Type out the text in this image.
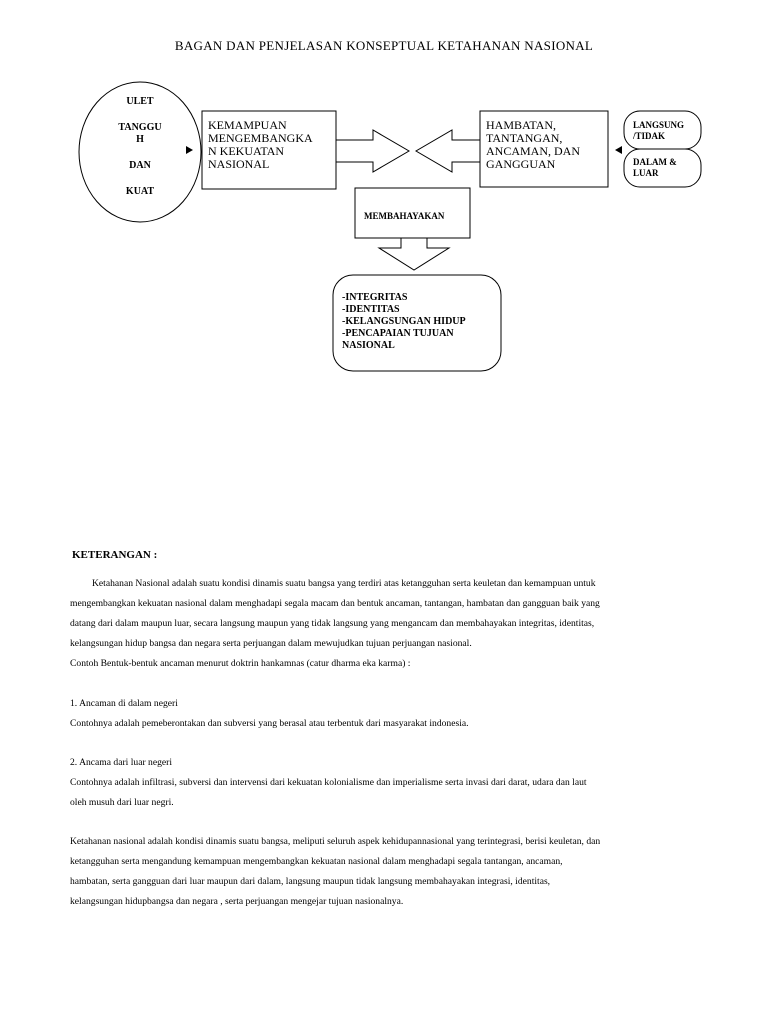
BAGAN DAN PENJELASAN KONSEPTUAL KETAHANAN NASIONAL
ULET
TANGGU
H
DAN
KUAT
KEMAMPUAN
MENGEMBANGKA
N KEKUATAN
NASIONAL
HAMBATAN,
TANTANGAN,
ANCAMAN, DAN
GANGGUAN
LANGSUNG
/TIDAK
DALAM &
LUAR
MEMBAHAYAKAN
-INTEGRITAS
-IDENTITAS
-KELANGSUNGAN HIDUP
-PENCAPAIAN TUJUAN
NASIONAL
KETERANGAN :
Ketahanan Nasional adalah suatu kondisi dinamis suatu bangsa yang terdiri atas ketangguhan serta keuletan dan kemampuan untuk
mengembangkan kekuatan nasional dalam menghadapi segala macam dan bentuk ancaman, tantangan, hambatan dan gangguan baik yang
datang dari dalam maupun luar, secara langsung maupun yang tidak langsung yang mengancam dan membahayakan integritas, identitas,
kelangsungan hidup bangsa dan negara serta perjuangan dalam mewujudkan tujuan perjuangan nasional.
Contoh Bentuk-bentuk ancaman menurut doktrin hankamnas (catur dharma eka karma) :
1. Ancaman di dalam negeri
Contohnya adalah pemeberontakan dan subversi yang berasal atau terbentuk dari masyarakat indonesia.
2. Ancama dari luar negeri
Contohnya adalah infiltrasi, subversi dan intervensi dari kekuatan kolonialisme dan imperialisme serta invasi dari darat, udara dan laut
oleh musuh dari luar negri.
Ketahanan nasional adalah kondisi dinamis suatu bangsa, meliputi seluruh aspek kehidupannasional yang terintegrasi, berisi keuletan, dan
ketangguhan serta mengandung kemampuan mengembangkan kekuatan nasional dalam menghadapi segala tantangan, ancaman,
hambatan, serta gangguan dari luar maupun dari dalam, langsung maupun tidak langsung membahayakan integrasi, identitas,
kelangsungan hidupbangsa dan negara , serta perjuangan mengejar tujuan nasionalnya.
